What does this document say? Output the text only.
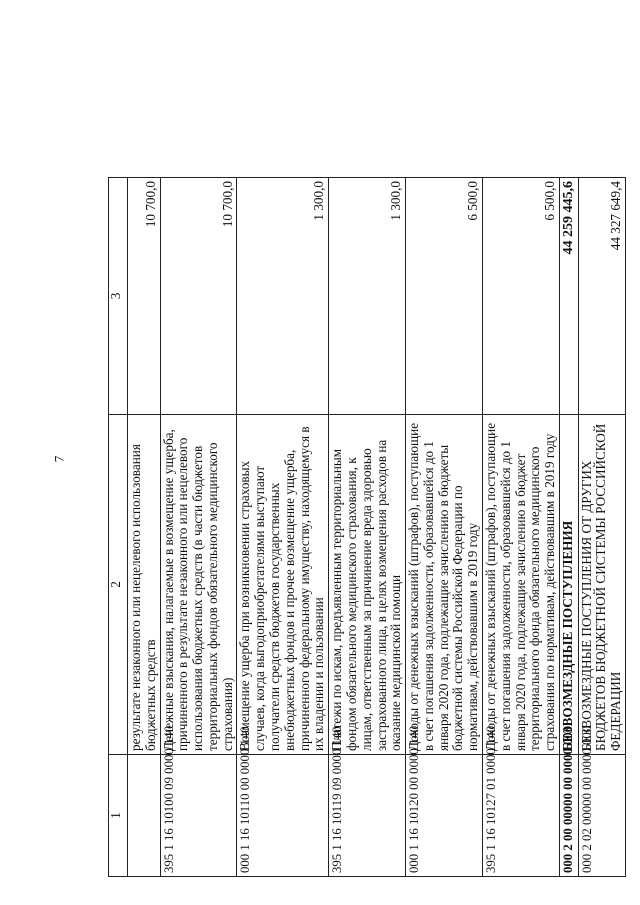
7
1	2	3
	результате незаконного или нецелевого использования бюджетных средств	10 700,0
395 1 16 10100 09 0000 140	Денежные взыскания, налагаемые в возмещение ущерба, причиненного в результате незаконного или нецелевого использования бюджетных средств (в части бюджетов территориальных фондов обязательного медицинского страхования)	10 700,0
000 1 16 10110 00 0000 140	Возмещение ущерба при возникновении страховых случаев, когда выгодоприобретателями выступают получатели средств бюджетов государственных внебюджетных фондов и прочее возмещение ущерба, причиненного федеральному имуществу, находящемуся в их владении и пользовании	1 300,0
395 1 16 10119 09 0000 140	Платежи по искам, предъявленным территориальным фондом обязательного медицинского страхования, к лицам, ответственным за причинение вреда здоровью застрахованного лица, в целях возмещения расходов на оказание медицинской помощи	1 300,0
000 1 16 10120 00 0000 140	Доходы от денежных взысканий (штрафов), поступающие в счет погашения задолженности, образовавшейся до 1 января 2020 года, подлежащие зачислению в бюджеты бюджетной системы Российской Федерации по нормативам, действовавшим в 2019 году	6 500,0
395 1 16 10127 01 0000 140	Доходы от денежных взысканий (штрафов), поступающие в счет погашения задолженности, образовавшейся до 1 января 2020 года, подлежащие зачислению в бюджет территориального фонда обязательного медицинского страхования по нормативам, действовавшим в 2019 году	6 500,0
000 2 00 00000 00 0000 000	БЕЗВОЗМЕЗДНЫЕ ПОСТУПЛЕНИЯ	44 259 445,6
000 2 02 00000 00 0000 000	БЕЗВОЗМЕЗДНЫЕ ПОСТУПЛЕНИЯ ОТ ДРУГИХ БЮДЖЕТОВ БЮДЖЕТНОЙ СИСТЕМЫ РОССИЙСКОЙ ФЕДЕРАЦИИ	44 327 649,4
